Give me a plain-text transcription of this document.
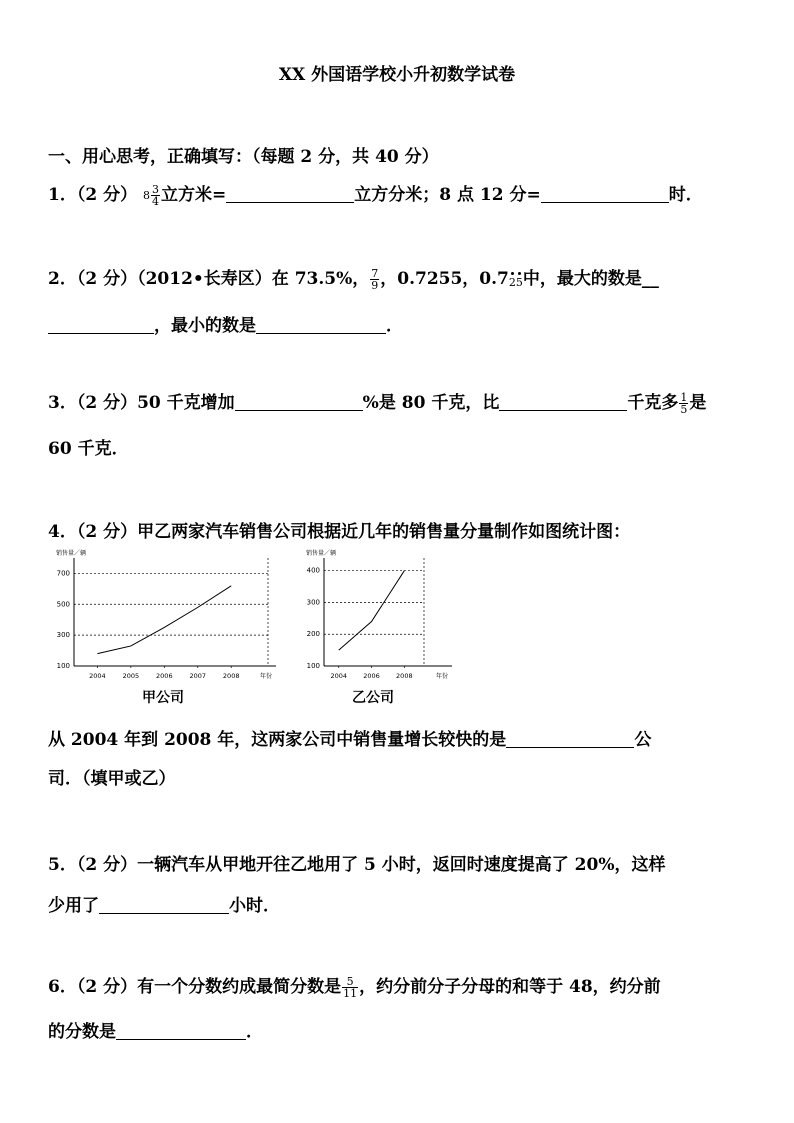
XX 外国语学校小升初数学试卷
一、用心思考，正确填写：（每题 2 分，共 40 分）
1．（2 分） $8 \frac{3}{4}$ 立方米=	立方分米；8 点 12 分=	时．
2．（2 分）（2012•长寿区）在 73.5%， $\frac{7}{9}$ ，0.7255，0.725中，最大的数是__
，最小的数是	．
3．（2 分）50 千克增加	%是 80 千克，比	千克多 $\frac{1}{5}$ 是
60 千克．
4．（2 分）甲乙两家汽车销售公司根据近几年的销售量分量制作如图统计图：
销售量／辆
100
300
500
700
2004	2005	2006	2007	2008	年份
销售量／辆
100
200
300
400
2004 2006 2008	年份
甲公司	乙公司
从 2004 年到 2008 年，这两家公司中销售量增长较快的是	公
司．（填甲或乙）
5．（2 分）一辆汽车从甲地开往乙地用了 5 小时，返回时速度提高了 20%，这样
少用了	小时．
6．（2 分）有一个分数约成最简分数是 $\frac{5}{11}$ ，约分前分子分母的和等于 48，约分前
的分数是	．
